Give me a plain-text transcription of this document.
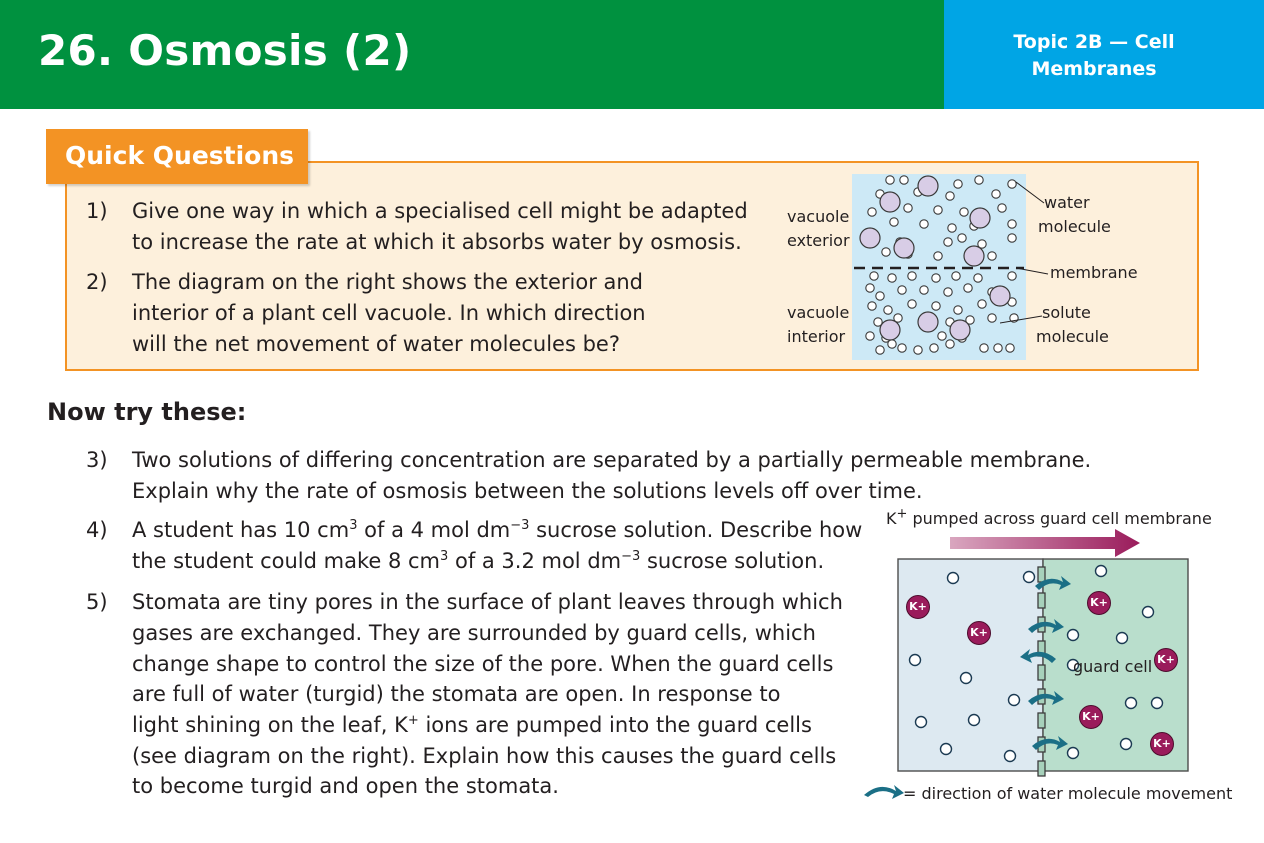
26. Osmosis (2)	Topic 2B — Cell
Membranes
Quick Questions
1) Give one way in which a specialised cell might be adapted
to increase the rate at which it absorbs water by osmosis.
2) The diagram on the right shows the exterior and
interior of a plant cell vacuole. In which direction
will the net movement of water molecules be?
vacuole
exterior
vacuole
interior
water
molecule
membrane
solute
molecule
Now try these:
3) Two solutions of differing concentration are separated by a partially permeable membrane.
Explain why the rate of osmosis between the solutions levels off over time.
4) A student has 10 $cm^3$ of a 4 mol $dm^{-3}$ sucrose solution. Describe how
the student could make 8 $cm^3$ of a 3.2 mol $dm^{-3}$ sucrose solution.
5) Stomata are tiny pores in the surface of plant leaves through which
gases are exchanged. They are surrounded by guard cells, which
change shape to control the size of the pore. When the guard cells
are full of water (turgid) the stomata are open. In response to
light shining on the leaf, K+ ions are pumped into the guard cells
(see diagram on the right). Explain how this causes the guard cells
to become turgid and open the stomata.
K+ pumped across guard cell membrane
K+
K+
K+
K+
K+
K+
guard cell
= direction of water molecule movement
